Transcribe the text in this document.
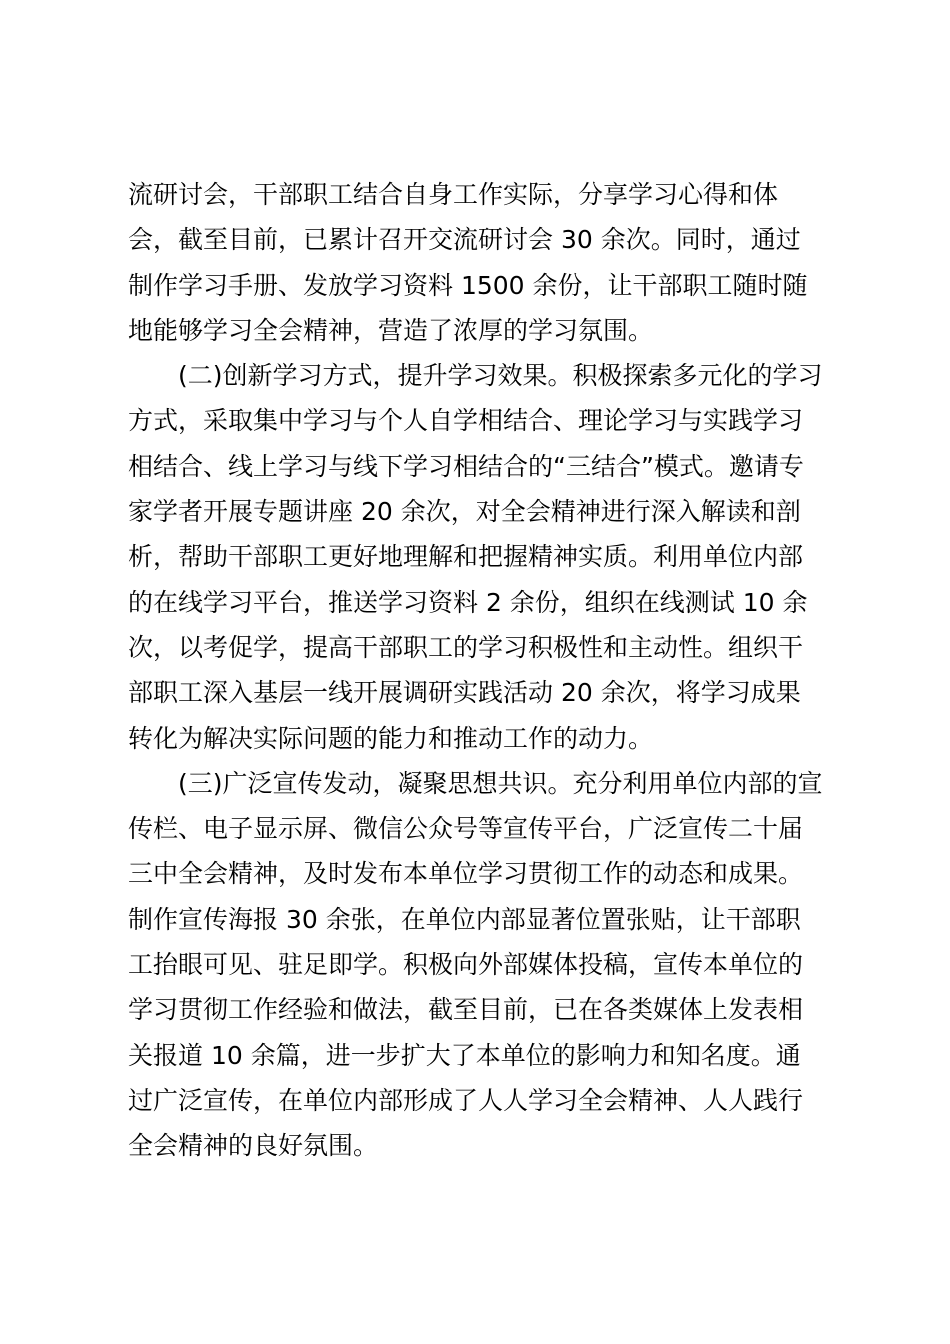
流研讨会，干部职工结合自身工作实际，分享学习心得和体
会，截至目前，已累计召开交流研讨会 30 余次。同时，通过
制作学习手册、发放学习资料 1500 余份，让干部职工随时随
地能够学习全会精神，营造了浓厚的学习氛围。
(二)创新学习方式，提升学习效果。积极探索多元化的学习
方式，采取集中学习与个人自学相结合、理论学习与实践学习
相结合、线上学习与线下学习相结合的“三结合”模式。邀请专
家学者开展专题讲座 20 余次，对全会精神进行深入解读和剖
析，帮助干部职工更好地理解和把握精神实质。利用单位内部
的在线学习平台，推送学习资料 2 余份，组织在线测试 10 余
次，以考促学，提高干部职工的学习积极性和主动性。组织干
部职工深入基层一线开展调研实践活动 20 余次，将学习成果
转化为解决实际问题的能力和推动工作的动力。
(三)广泛宣传发动，凝聚思想共识。充分利用单位内部的宣
传栏、电子显示屏、微信公众号等宣传平台，广泛宣传二十届
三中全会精神，及时发布本单位学习贯彻工作的动态和成果。
制作宣传海报 30 余张，在单位内部显著位置张贴，让干部职
工抬眼可见、驻足即学。积极向外部媒体投稿，宣传本单位的
学习贯彻工作经验和做法，截至目前，已在各类媒体上发表相
关报道 10 余篇，进一步扩大了本单位的影响力和知名度。通
过广泛宣传，在单位内部形成了人人学习全会精神、人人践行
全会精神的良好氛围。
